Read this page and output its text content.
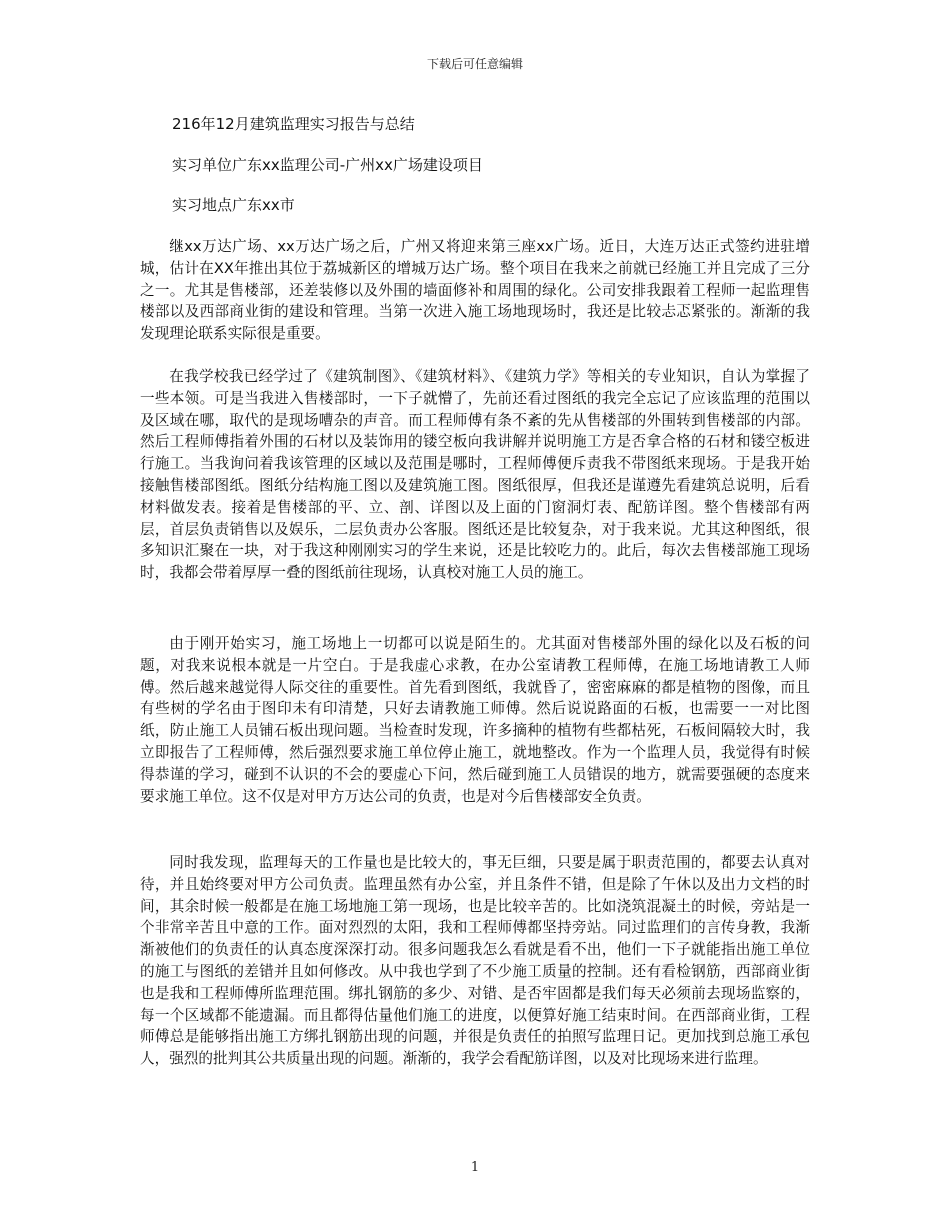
下载后可任意编辑
216年12月建筑监理实习报告与总结
实习单位广东xx监理公司-广州xx广场建设项目
实习地点广东xx市

继xx万达广场、xx万达广场之后，广州又将迎来第三座xx广场。近日，大连万达正式签约进驻增城，估计在XX年推出其位于荔城新区的增城万达广场。整个项目在我来之前就已经施工并且完成了三分之一。尤其是售楼部，还差装修以及外围的墙面修补和周围的绿化。公司安排我跟着工程师一起监理售楼部以及西部商业街的建设和管理。当第一次进入施工场地现场时，我还是比较忐忑紧张的。渐渐的我发现理论联系实际很是重要。

在我学校我已经学过了《建筑制图》、《建筑材料》、《建筑力学》等相关的专业知识，自认为掌握了一些本领。可是当我进入售楼部时，一下子就懵了，先前还看过图纸的我完全忘记了应该监理的范围以及区域在哪，取代的是现场嘈杂的声音。而工程师傅有条不紊的先从售楼部的外围转到售楼部的内部。然后工程师傅指着外围的石材以及装饰用的镂空板向我讲解并说明施工方是否拿合格的石材和镂空板进行施工。当我询问着我该管理的区域以及范围是哪时，工程师傅便斥责我不带图纸来现场。于是我开始接触售楼部图纸。图纸分结构施工图以及建筑施工图。图纸很厚，但我还是谨遵先看建筑总说明，后看材料做发表。接着是售楼部的平、立、剖、详图以及上面的门窗洞灯表、配筋详图。整个售楼部有两层，首层负责销售以及娱乐，二层负责办公客服。图纸还是比较复杂，对于我来说。尤其这种图纸，很多知识汇聚在一块，对于我这种刚刚实习的学生来说，还是比较吃力的。此后，每次去售楼部施工现场时，我都会带着厚厚一叠的图纸前往现场，认真校对施工人员的施工。

由于刚开始实习，施工场地上一切都可以说是陌生的。尤其面对售楼部外围的绿化以及石板的问题，对我来说根本就是一片空白。于是我虚心求教，在办公室请教工程师傅，在施工场地请教工人师傅。然后越来越觉得人际交往的重要性。首先看到图纸，我就昏了，密密麻麻的都是植物的图像，而且有些树的学名由于图印未有印清楚，只好去请教施工师傅。然后说说路面的石板，也需要一一对比图纸，防止施工人员铺石板出现问题。当检查时发现，许多摘种的植物有些都枯死，石板间隔较大时，我立即报告了工程师傅，然后强烈要求施工单位停止施工，就地整改。作为一个监理人员，我觉得有时候得恭谨的学习，碰到不认识的不会的要虚心下问，然后碰到施工人员错误的地方，就需要强硬的态度来要求施工单位。这不仅是对甲方万达公司的负责，也是对今后售楼部安全负责。

同时我发现，监理每天的工作量也是比较大的，事无巨细，只要是属于职责范围的，都要去认真对待，并且始终要对甲方公司负责。监理虽然有办公室，并且条件不错，但是除了午休以及出力文档的时间，其余时候一般都是在施工场地施工第一现场，也是比较辛苦的。比如浇筑混凝土的时候，旁站是一个非常辛苦且中意的工作。面对烈烈的太阳，我和工程师傅都坚持旁站。同过监理们的言传身教，我渐渐被他们的负责任的认真态度深深打动。很多问题我怎么看就是看不出，他们一下子就能指出施工单位的施工与图纸的差错并且如何修改。从中我也学到了不少施工质量的控制。还有看检钢筋，西部商业街也是我和工程师傅所监理范围。绑扎钢筋的多少、对错、是否牢固都是我们每天必须前去现场监察的，每一个区域都不能遗漏。而且都得估量他们施工的进度，以便算好施工结束时间。在西部商业街，工程师傅总是能够指出施工方绑扎钢筋出现的问题，并很是负责任的拍照写监理日记。更加找到总施工承包人，强烈的批判其公共质量出现的问题。渐渐的，我学会看配筋详图，以及对比现场来进行监理。

1
